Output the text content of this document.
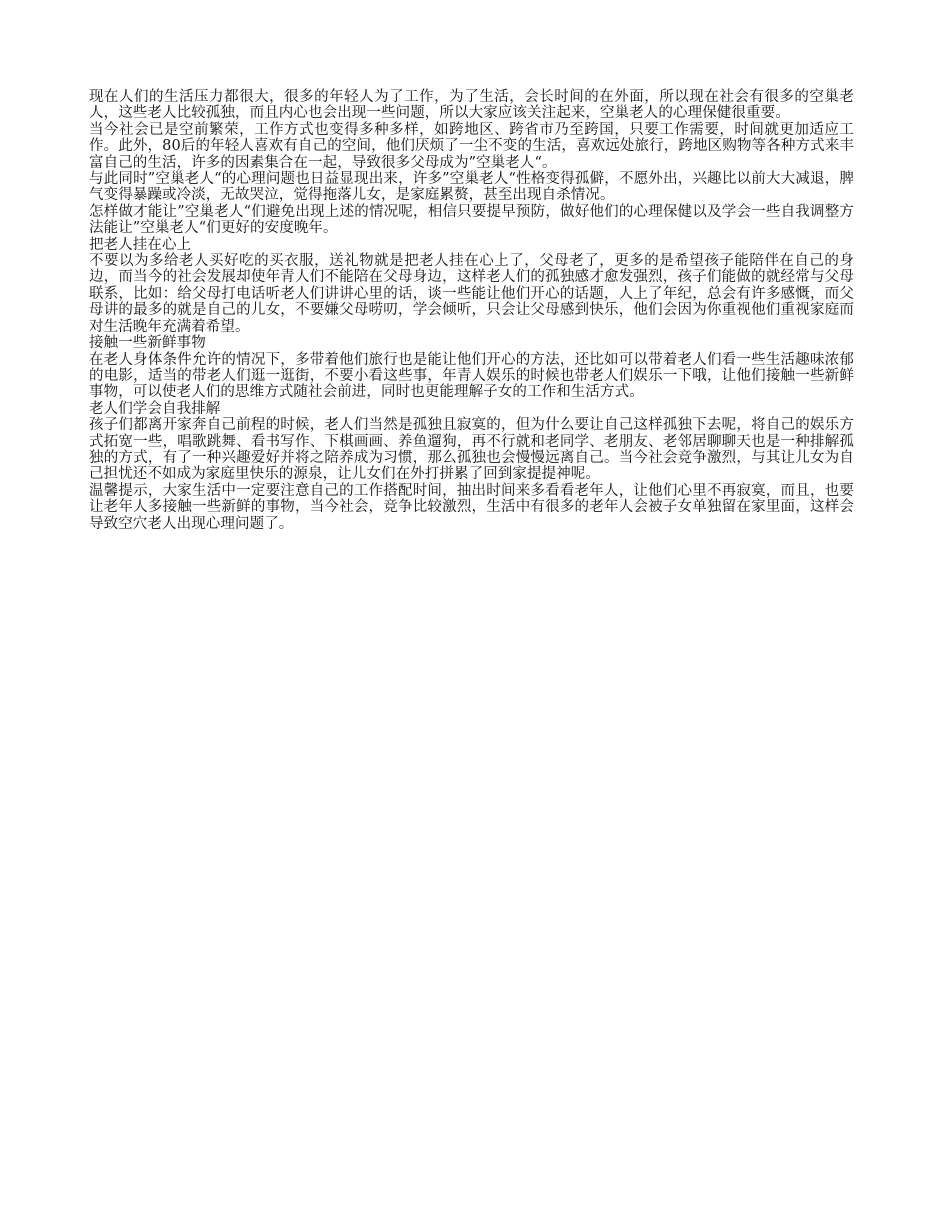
现在人们的生活压力都很大，很多的年轻人为了工作，为了生活，会长时间的在外面，所以现在社会有很多的空巢老人，这些老人比较孤独，而且内心也会出现一些问题，所以大家应该关注起来，空巢老人的心理保健很重要。

当今社会已是空前繁荣，工作方式也变得多种多样，如跨地区、跨省市乃至跨国，只要工作需要，时间就更加适应工作。此外，80后的年轻人喜欢有自己的空间，他们厌烦了一尘不变的生活，喜欢远处旅行，跨地区购物等各种方式来丰富自己的生活，许多的因素集合在一起，导致很多父母成为”空巢老人“。

与此同时”空巢老人“的心理问题也日益显现出来，许多”空巢老人“性格变得孤僻，不愿外出，兴趣比以前大大减退，脾气变得暴躁或冷淡，无故哭泣，觉得拖落儿女，是家庭累赘，甚至出现自杀情况。

怎样做才能让”空巢老人“们避免出现上述的情况呢，相信只要提早预防，做好他们的心理保健以及学会一些自我调整方法能让”空巢老人“们更好的安度晚年。

把老人挂在心上

不要以为多给老人买好吃的买衣服，送礼物就是把老人挂在心上了，父母老了，更多的是希望孩子能陪伴在自己的身边，而当今的社会发展却使年青人们不能陪在父母身边，这样老人们的孤独感才愈发强烈，孩子们能做的就经常与父母联系，比如：给父母打电话听老人们讲讲心里的话，谈一些能让他们开心的话题，人上了年纪，总会有许多感慨，而父母讲的最多的就是自己的儿女，不要嫌父母唠叨，学会倾听，只会让父母感到快乐，他们会因为你重视他们重视家庭而对生活晚年充满着希望。

接触一些新鲜事物

在老人身体条件允许的情况下，多带着他们旅行也是能让他们开心的方法，还比如可以带着老人们看一些生活趣味浓郁的电影，适当的带老人们逛一逛街，不要小看这些事，年青人娱乐的时候也带老人们娱乐一下哦，让他们接触一些新鲜事物，可以使老人们的思维方式随社会前进，同时也更能理解子女的工作和生活方式。

老人们学会自我排解

孩子们都离开家奔自己前程的时候，老人们当然是孤独且寂寞的，但为什么要让自己这样孤独下去呢，将自己的娱乐方式拓宽一些，唱歌跳舞、看书写作、下棋画画、养鱼遛狗，再不行就和老同学、老朋友、老邻居聊聊天也是一种排解孤独的方式，有了一种兴趣爱好并将之陪养成为习惯，那么孤独也会慢慢远离自己。当今社会竞争激烈，与其让儿女为自己担忧还不如成为家庭里快乐的源泉，让儿女们在外打拼累了回到家提提神呢。

温馨提示，大家生活中一定要注意自己的工作搭配时间，抽出时间来多看看老年人，让他们心里不再寂寞，而且，也要让老年人多接触一些新鲜的事物，当今社会，竞争比较激烈，生活中有很多的老年人会被子女单独留在家里面，这样会导致空穴老人出现心理问题了。
